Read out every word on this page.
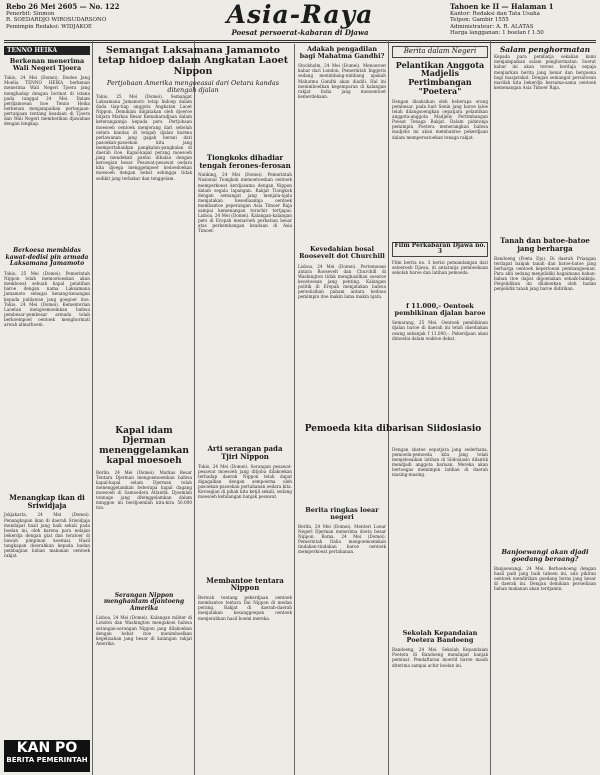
Rebo 26 Mei 2605 — No. 122
Penerbit: Sinmon
R. SOEDARDJO WIROSUDARSONO
Pemimpin Redaksi: WIDJAKOE	Asia-Raya
Poesat persoerat-kabaran di Djawa
Tahoen ke II — Halaman 1
Kantor: Redaksi dan Tata Usaha
Telpon: Gambir 1555
Administrateur: A. R. ALATAS
Harga langganan: 1 boelan f 1.50
TENNO HEIKA
Berkenan menerima Wali Negeri Tjoera
Tokio, 24 Mei (Domei). Doelee Jang Moelia TENNO HEIKA berkenan menerima Wali Negeri Tjoera jang menghadap dengan hormat di istana pada tanggal 24 Mei. Dalam perdjamoean itoe Tenno Heika berkenan menjampaikan pertanjaan-pertanjaan tentang keadaan di Tjoera dan Wali Negeri memberikan djawaban dengan lengkap.
Berkoesa membidas kawat-dedisi pin armada Laksamana Jamamoto
Tokio, 25 Mei (Domei). Pemerintah Nippon telah memoetoeskan akan memboeat sebuah kapal pelatihan baroe dengan nama Laksamana Jamamoto sebagai kenang-kenangan kepada pahlawan jang goegoer itoe. Tokio, 24 Mei (Domei). Kementerian Laoetan mengoemoemkan bahwa pembesar-pembesar armada telah berkoempoel oentoek menghormati arwah almarhoem.
Menangkap ikan di Sriwidjaja
Jokjakarta, 24 Mei (Domei). Penangkapan ikan di daerah Sriwidjaja mendapat hasil jang baik sekali pada boelan ini, oleh karena para nelajan bekerdja dengan giat dan teratoer di bawah pimpinan koemiai. Hasil tangkapan diserahkan kepada badan pembagian bahan makanan oentoek rakjat.
KAN PO
BERITA PEMERINTAH
Semangat Laksamana Jamamoto tetap hidoep dalam Angkatan Laoet Nippon
Pertjobaan Amerika mengoeasai dari Oetara kandas ditengah djalan
Tokio, 25 Mei (Domei). Semangat Laksamana Jamamoto tetap hidoep dalam dada tiap-tiap anggota Angkatan Laoet Nippon. Demikian dinjatakan oleh djoeroe bitjara Markas Besar Kemaharadjaan dalam keterangannja kepada pers. Pertjobaan moesoeh oentoek menjerang dari sebelah oetara kandas di tengah djalan karena perlawanan jang gagah berani dari pasoekan-pasoekan kita jang mempertahankan pangkalan-pangkalan di daerah itoe. Kapal-kapal perang moesoeh jang mendekati pantai dihalau dengan keroegian besar. Pesawat-pesawat oedara kita djoega menggempoer kedoedoekan moesoeh dengan hebat sehingga tidak sedikit jang terbakar dan tenggelam.
Kapal idam Djerman menenggelamkan kapal moesoeh
Berlin, 24 Mei (Domei). Markas Besar Tentara Djerman mengoemoemkan bahwa kapal-kapal selam Djerman telah menenggelamkan beberapa kapal dagang moesoeh di Samoedera Atlantik. Djoemlah tonnage jang ditenggelamkan dalam minggoe ini berdjoemlah kira-kira 50.000 ton.
Serangan Nippon menghantam djantoeng Amerika
Lisboa, 24 Mei (Domei). Kalangan militer di London dan Washington mengakoei bahwa serangan-serangan Nippon jang dilakoekan dengan hebat itoe menimboelkan kegelisahan jang besar di kalangan rakjat Amerika.
Tiongkoks dihadiar tengah ferones-ferosan
Nanking, 24 Mei (Domei). Pemerintah Nasional Tiongkok memoetoeskan oentoek memperkoeat kerdjasama dengan Nippon dalam segala lapangan. Rakjat Tiongkok dengan semangat jang menjala-njala menjatakan kesediaannja oentoek membantoe peperangan Asia Timoer Raja sampai kemenangan terachir tertjapai. Lisboa, 24 Mei (Domei). Kalangan-kalangan pers di Eropah menaroeh perhatian besar atas perkembangan keadaan di Asia Timoer.
Arti serangan pada Tjiri Nippon
Tokio, 24 Mei (Domei). Serangan pesawat-pesawat moesoeh jang ditjoba dilakoekan terhadap daerah Nippon telah dapat digagalkan dengan sempoerna oleh pasoekan-pasoekan pertahanan oedara kita. Keroegian di pihak kita ketjil sekali, sedang moesoeh kehilangan banjak pesawat.
Membantoe tentara Nippon
Berwah tentang pekerdjaan oentoek membantoe tentara Dai Nippon di medan perang. Rakjat di daerah-daerah menjatakan kesanggoepan oentoek menjerahkan hasil boemi mereka.
Adakah pengadilan bagi Mahatma Gandhi?
Stockholm, 24 Mei (Domei). Menoeroet kabar dari London, Pemerintah Inggeris sedang menimbang-nimbang apakah Mahatma Gandhi akan diadili. Hal ini menimboelkan kegemparan di kalangan rakjat India jang menoentoet kemerdekaan.
Kevedahian bosal Roosevelt dot Churchill
Lisboa, 24 Mei (Domei). Pertemoean antara Roosevelt dan Churchill di Washington tidak menghasilkan soeatoe keoetoesan jang penting. Kalangan politik di Eropah menjatakan bahwa perselisihan paham antara kedoea pemimpin itoe makin lama makin njata.
Berita ringkas loear negeri
Berlin, 24 Mei (Domei). Menteri Loear Negeri Djerman menerima doeta besar Nippon. Roma, 24 Mei (Domei). Pemerintah Italia mengoemoemkan tindakan-tindakan baroe oentoek memperkoeat pertahanan.
Berita dalam Negeri
Pelantikan Anggota Madjelis Pertimbangan "Poetera"
Dengan disaksikan oleh beberapa orang pembesar, pada hari Senin jang baroe laloe telah dilangsoengkan oepatjara pelantikan anggota-anggota Madjelis Pertimbangan Poesat Tenaga Rakjat. Dalam pidatonja pemimpin Poetera menerangkan bahwa madjelis ini akan membantoe pekerdjaan dalam mempersatoekan tenaga rakjat.
Film Perkabaran Djawa no. 3
Film berita no. 3 berisi pemandangan dari seloeroeh Djawa, di antaranja pemboekaan sekolah baroe dan latihan pemoeda.
f 11.000,- Oentoek pembikinan djalan baroe
Semarang, 25 Mei. Oentoek pembikinan djalan baroe di daerah ini telah disediakan oeang sebanjak f 11.000,-. Pekerdjaan akan dimoelai dalam waktoe dekat.
Pemoeda kita dibarisan Siidosiasio
Dengan sbatoe oepatjara jang sederhana, pemoeda-pemoeda kita jang telah menjelesaikan latihan di Siidosiasio dilantik mendjadi anggota barisan. Mereka akan bertoegas memimpin latihan di daerah masing-masing.
Sekolah Kepandaian Poetera Bandoeng
Bandoeng, 24 Mei. Sekolah Kepandaian Poetera di Bandoeng mendapat banjak peminat. Pendaftaran moerid baroe masih diterima sampai achir boelan ini.
Salam penghormatan
Kepada para pembatja sekalian kami menjampaikan salam penghormatan. Soerat kabar ini akan teroes berdaja oepaja menjiarkan berita jang benar dan bergoena bagi masjarakat. Dengan semangat persatoean marilah kita bekerdja bersama-sama oentoek kemenangan Asia Timoer Raja.
Tanah dan batoe-batoe jang berharga
Bandoeng (Poeta Djo). Di daerah Priangan terdapat banjak tanah dan batoe-batoe jang berharga oentoek keperloean pembangoenan. Para ahli sedang menjelidiki bagaimana bahan-bahan itoe dapat digoenakan sebaik-baiknja. Penjelidikan ini dilakoekan oleh badan penjelidik tanah jang baroe didirikan.
Banjoewangi akan djadi goedang beraang?
Banjoewangi, 24 Mei. Berhoeboeng dengan hasil padi jang baik tahoen ini, ada pikiran oentoek mendirikan goedang beras jang besar di daerah ini. Dengan demikian persediaan bahan makanan akan terdjamin.
